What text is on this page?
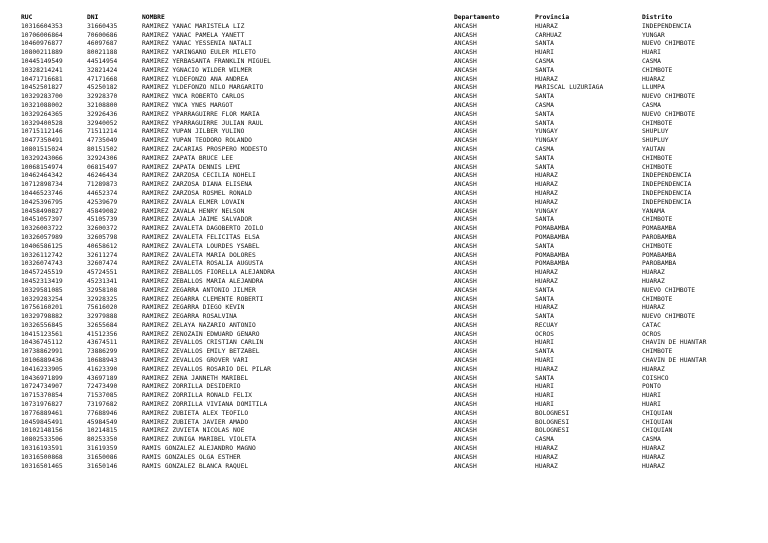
RUC	DNI	NOMBRE	Departamento	Provincia	Distrito
10316604353	31660435	RAMIREZ YANAC MARISTELA LIZ	ANCASH	HUARAZ	INDEPENDENCIA
10706006864	70600686	RAMIREZ YANAC PAMELA YANETT	ANCASH	CARHUAZ	YUNGAR
10460976877	46097687	RAMIREZ YANAC YESSENIA NATALI	ANCASH	SANTA	NUEVO CHIMBOTE
10800211889	80021188	RAMIREZ YARINGAÑO EULER MILETO	ANCASH	HUARI	HUARI
10445149549	44514954	RAMIREZ YERBASANTA FRANKLIN MIGUEL	ANCASH	CASMA	CASMA
10328214241	32821424	RAMIREZ YGNACIO WILDER WILMER	ANCASH	SANTA	CHIMBOTE
10471716681	47171668	RAMIREZ YLDEFONZO ANA ANDREA	ANCASH	HUARAZ	HUARAZ
10452501827	45250182	RAMIREZ YLDEFONZO NILO MARGARITO	ANCASH	MARISCAL LUZURIAGA	LLUMPA
10329283700	32928370	RAMIREZ YNCA ROBERTO CARLOS	ANCASH	SANTA	NUEVO CHIMBOTE
10321088002	32108800	RAMIREZ YNCA YNES MARGOT	ANCASH	CASMA	CASMA
10329264365	32926436	RAMIREZ YPARRAGUIRRE FLOR MARIA	ANCASH	SANTA	NUEVO CHIMBOTE
10329400528	32940052	RAMIREZ YPARRAGUIRRE JULIAN RAUL	ANCASH	SANTA	CHIMBOTE
10715112146	71511214	RAMIREZ YUPAN JILBER YULIÑO	ANCASH	YUNGAY	SHUPLUY
10477350491	47735049	RAMIREZ YUPAN TEODORO ROLANDO	ANCASH	YUNGAY	SHUPLUY
10801515024	80151502	RAMIREZ ZACARIAS PROSPERO MODESTO	ANCASH	CASMA	YAUTAN
10329243066	32924306	RAMIREZ ZAPATA BRUCE LEE	ANCASH	SANTA	CHIMBOTE
10068154974	06815497	RAMIREZ ZAPATA DENNIS LEMI	ANCASH	SANTA	CHIMBOTE
10462464342	46246434	RAMIREZ ZARZOSA CECILIA NOHELI	ANCASH	HUARAZ	INDEPENDENCIA
10712898734	71289873	RAMIREZ ZARZOSA DIANA ELISENA	ANCASH	HUARAZ	INDEPENDENCIA
10446523746	44652374	RAMIREZ ZARZOSA ROSMEL RONALD	ANCASH	HUARAZ	INDEPENDENCIA
10425396795	42539679	RAMIREZ ZAVALA ELMER LOVAIN	ANCASH	HUARAZ	INDEPENDENCIA
10458490827	45849082	RAMIREZ ZAVALA HENRY NELSON	ANCASH	YUNGAY	YANAMA
10451057397	45105739	RAMIREZ ZAVALA JAIME SALVADOR	ANCASH	SANTA	CHIMBOTE
10326003722	32600372	RAMIREZ ZAVALETA DAGOBERTO ZOILO	ANCASH	POMABAMBA	POMABAMBA
10326057989	32605798	RAMIREZ ZAVALETA FELICITAS ELSA	ANCASH	POMABAMBA	PAROBAMBA
10406586125	40658612	RAMIREZ ZAVALETA LOURDES YSABEL	ANCASH	SANTA	CHIMBOTE
10326112742	32611274	RAMIREZ ZAVALETA MARIA DOLORES	ANCASH	POMABAMBA	POMABAMBA
10326074743	32607474	RAMIREZ ZAVALETA ROSALIA AUGUSTA	ANCASH	POMABAMBA	PAROBAMBA
10457245519	45724551	RAMIREZ ZEBALLOS FIORELLA ALEJANDRA	ANCASH	HUARAZ	HUARAZ
10452313419	45231341	RAMIREZ ZEBALLOS MARIA ALEJANDRA	ANCASH	HUARAZ	HUARAZ
10329581085	32958108	RAMIREZ ZEGARRA ANTONIO JILMER	ANCASH	SANTA	NUEVO CHIMBOTE
10329283254	32928325	RAMIREZ ZEGARRA CLEMENTE ROBERTI	ANCASH	SANTA	CHIMBOTE
10756160201	75616020	RAMIREZ ZEGARRA DIEGO KEVIN	ANCASH	HUARAZ	HUARAZ
10329798882	32979888	RAMIREZ ZEGARRA ROSALVINA	ANCASH	SANTA	NUEVO CHIMBOTE
10326556845	32655684	RAMIREZ ZELAYA NAZARIO ANTONIO	ANCASH	RECUAY	CATAC
10415123561	41512356	RAMIREZ ZENOZAIN EDWUARD GENARO	ANCASH	OCROS	OCROS
10436745112	43674511	RAMIREZ ZEVALLOS CRISTIAN CARLIN	ANCASH	HUARI	CHAVIN DE HUANTAR
10738862991	73886299	RAMIREZ ZEVALLOS EMILY BETZABEL	ANCASH	SANTA	CHIMBOTE
10106889436	10688943	RAMIREZ ZEVALLOS GROVER VARI	ANCASH	HUARI	CHAVIN DE HUANTAR
10416233905	41623390	RAMIREZ ZEVALLOS ROSARIO DEL PILAR	ANCASH	HUARAZ	HUARAZ
10436971899	43697189	RAMIREZ ZEÑA JANNETH MARIBEL	ANCASH	SANTA	COISHCO
10724734907	72473490	RAMIREZ ZORRILLA DESIDERIO	ANCASH	HUARI	PONTO
10715370854	71537085	RAMIREZ ZORRILLA RONALD FELIX	ANCASH	HUARI	HUARI
10731976827	73197682	RAMIREZ ZORRILLA VIVIANA DOMITILA	ANCASH	HUARI	HUARI
10776889461	77688946	RAMIREZ ZUBIETA ALEX TEOFILO	ANCASH	BOLOGNESI	CHIQUIAN
10459845491	45984549	RAMIREZ ZUBIETA JAVIER AMADO	ANCASH	BOLOGNESI	CHIQUIAN
10102148156	10214815	RAMIREZ ZUVIETA NICOLAS NOE	ANCASH	BOLOGNESI	CHIQUIAN
10802533506	80253350	RAMIREZ ZUÑIGA MARIBEL VIOLETA	ANCASH	CASMA	CASMA
10316193591	31619359	RAMIS GONZALEZ ALEJANDRO MAGNO	ANCASH	HUARAZ	HUARAZ
10316500868	31650086	RAMIS GONZALES OLGA ESTHER	ANCASH	HUARAZ	HUARAZ
10316501465	31650146	RAMIS GONZALEZ BLANCA RAQUEL	ANCASH	HUARAZ	HUARAZ
